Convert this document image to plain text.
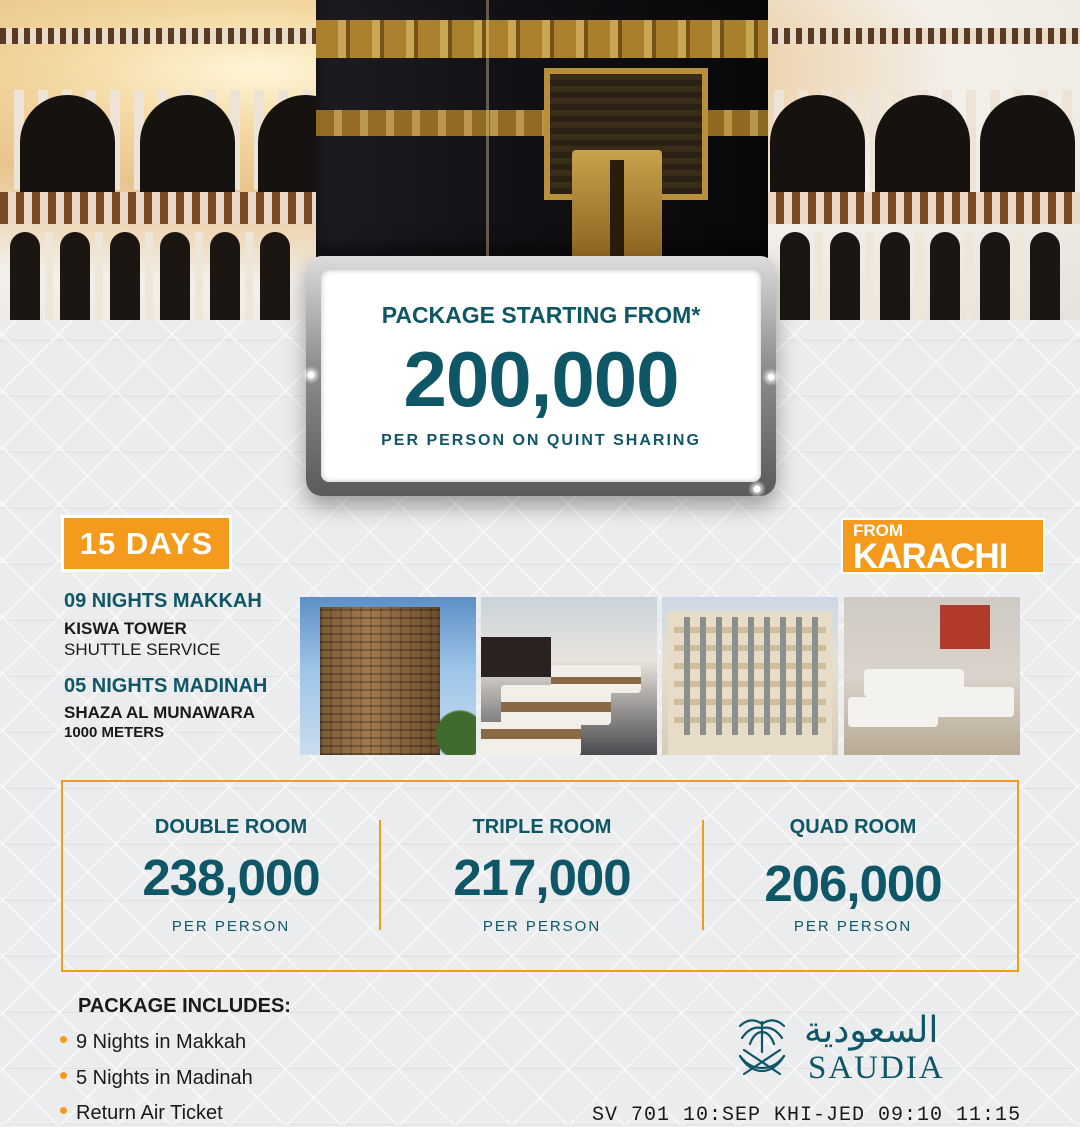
PACKAGE STARTING FROM*
200,000
PER PERSON ON QUINT SHARING
15 DAYS	FROM
KARACHI
09 NIGHTS MAKKAH
KISWA TOWER
SHUTTLE SERVICE
05 NIGHTS MADINAH
SHAZA AL MUNAWARA
1000 METERS
DOUBLE ROOM
238,000
PER PERSON
TRIPLE ROOM
217,000
PER PERSON
QUAD ROOM
206,000
PER PERSON
PACKAGE INCLUDES:
9 Nights in Makkah
5 Nights in Madinah
Return Air Ticket
السعودية
SAUDIA
SV 701 10:SEP KHI-JED 09:10 11:15
